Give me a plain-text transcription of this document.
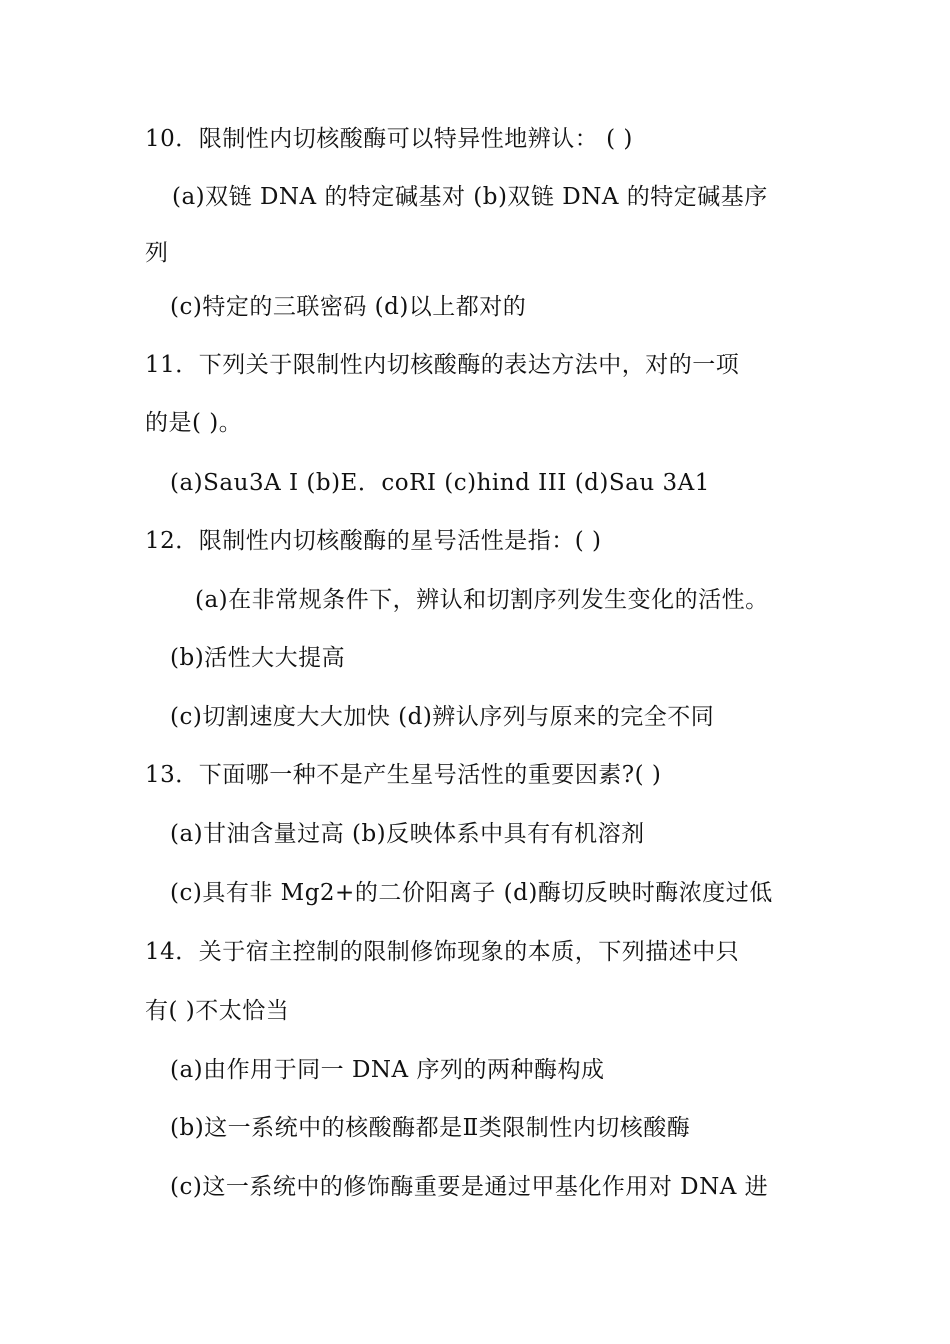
10．限制性内切核酸酶可以特异性地辨认： ( )
(a)双链 DNA 的特定碱基对 (b)双链 DNA 的特定碱基序
列
(c)特定的三联密码 (d)以上都对的
11．下列关于限制性内切核酸酶的表达方法中，对的一项
的是( )。
(a)Sau3A I (b)E．coRI (c)hind III (d)Sau 3A1
12．限制性内切核酸酶的星号活性是指：( )
(a)在非常规条件下，辨认和切割序列发生变化的活性。
(b)活性大大提高
(c)切割速度大大加快 (d)辨认序列与原来的完全不同
13．下面哪一种不是产生星号活性的重要因素?( )
(a)甘油含量过高 (b)反映体系中具有有机溶剂
(c)具有非 Mg2+的二价阳离子 (d)酶切反映时酶浓度过低
14．关于宿主控制的限制修饰现象的本质，下列描述中只
有( )不太恰当
(a)由作用于同一 DNA 序列的两种酶构成
(b)这一系统中的核酸酶都是Ⅱ类限制性内切核酸酶
(c)这一系统中的修饰酶重要是通过甲基化作用对 DNA 进
